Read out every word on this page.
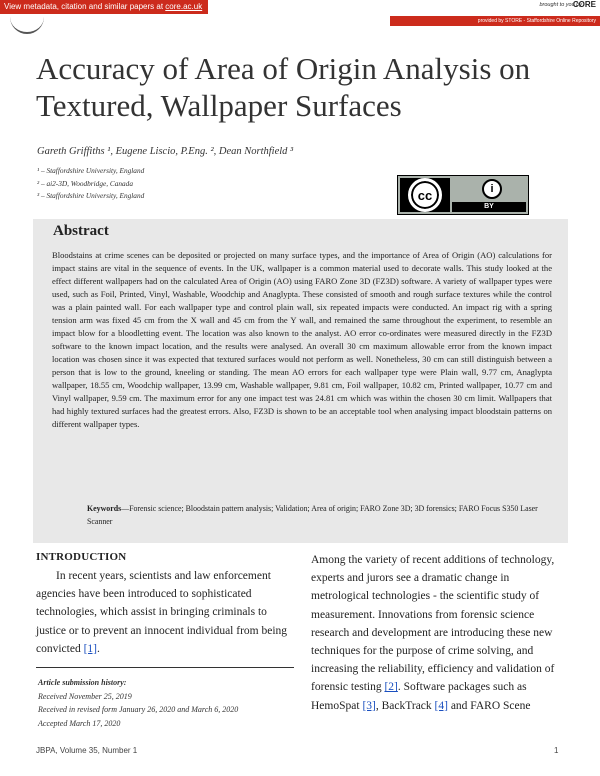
View metadata, citation and similar papers at core.ac.uk	brought to you by
CORE
provided by STORE - Staffordshire Online Repository
Accuracy of Area of Origin Analysis on Textured, Wallpaper Surfaces
Gareth Griffiths ¹, Eugene Liscio, P.Eng. ², Dean Northfield ³
¹ – Staffordshire University, England
² – ai2-3D, Woodbridge, Canada
³ – Staffordshire University, England	cc	i
BY
Abstract

Bloodstains at crime scenes can be deposited or projected on many surface types, and the importance of Area of Origin (AO) calculations for impact stains are vital in the sequence of events. In the UK, wallpaper is a common material used to decorate walls. This study looked at the effect different wallpapers had on the calculated Area of Origin (AO) using FARO Zone 3D (FZ3D) software. A variety of wallpaper types were used, such as Foil, Printed, Vinyl, Washable, Woodchip and Anaglypta. These consisted of smooth and rough surface textures while the control was a plain painted wall. For each wallpaper type and control plain wall, six repeated impacts were conducted. An impact rig with a spring tension arm was fixed 45 cm from the X wall and 45 cm from the Y wall, and remained the same throughout the experiment, to resemble an impact blow for a bloodletting event. The location was also known to the analyst. AO error co-ordinates were measured directly in the FZ3D software to the known impact location, and the results were analysed. An overall 30 cm maximum allowable error from the known impact location was chosen since it was expected that textured surfaces would not perform as well. Nonetheless, 30 cm can still distinguish between a person that is low to the ground, kneeling or standing. The mean AO errors for each wallpaper type were Plain wall, 9.77 cm, Anaglypta wallpaper, 18.55 cm, Woodchip wallpaper, 13.99 cm, Washable wallpaper, 9.81 cm, Foil wallpaper, 10.82 cm, Printed wallpaper, 10.77 cm and Vinyl wallpaper, 9.59 cm. The maximum error for any one impact test was 24.81 cm which was within the chosen 30 cm limit. Wallpapers that had highly textured surfaces had the greatest errors. Also, FZ3D is shown to be an acceptable tool when analysing impact bloodstain patterns on different wallpaper types.

Keywords—Forensic science; Bloodstain pattern analysis; Validation; Area of origin; FARO Zone 3D; 3D forensics; FARO Focus S350 Laser Scanner

INTRODUCTION

In recent years, scientists and law enforcement agencies have been introduced to sophisticated technologies, which assist in bringing criminals to justice or to prevent an innocent individual from being convicted [1].

Article submission history:
Received November 25, 2019
Received in revised form January 26, 2020 and March 6, 2020
Accepted March 17, 2020

Among the variety of recent additions of technology, experts and jurors see a dramatic change in metrological technologies - the scientific study of measurement. Innovations from forensic science research and development are introducing these new techniques for the purpose of crime solving, and increasing the reliability, efficiency and validation of forensic testing [2]. Software packages such as HemoSpat [3], BackTrack [4] and FARO Scene

JBPA, Volume 35, Number 1	1
